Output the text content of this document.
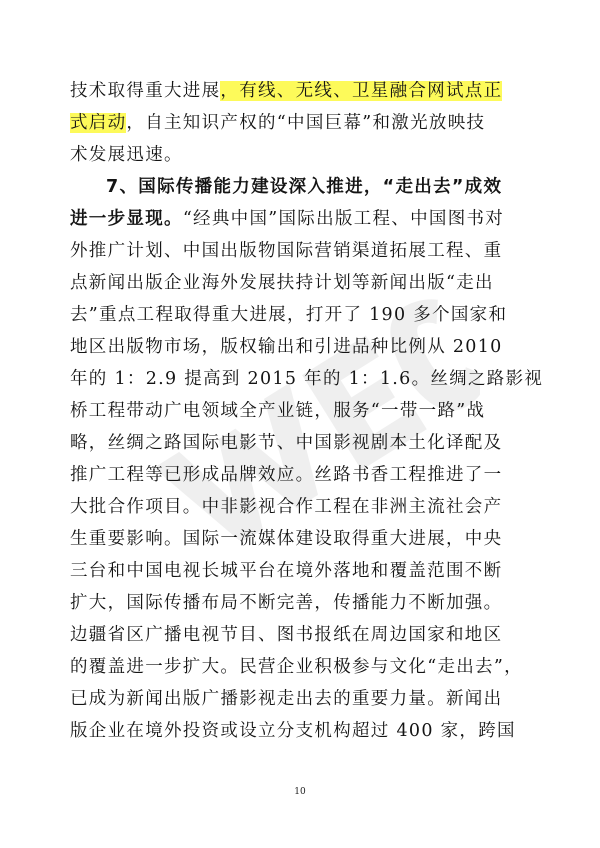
技术取得重大进展，有线、无线、卫星融合网试点正
式启动，自主知识产权的“中国巨幕”和激光放映技
术发展迅速。
7、国际传播能力建设深入推进，“走出去”成效
进一步显现。“经典中国”国际出版工程、中国图书对
外推广计划、中国出版物国际营销渠道拓展工程、重
点新闻出版企业海外发展扶持计划等新闻出版“走出
去”重点工程取得重大进展，打开了 190 多个国家和
地区出版物市场，版权输出和引进品种比例从 2010
年的 1：2.9 提高到 2015 年的 1：1.6。丝绸之路影视
桥工程带动广电领域全产业链，服务“一带一路”战
略，丝绸之路国际电影节、中国影视剧本土化译配及
推广工程等已形成品牌效应。丝路书香工程推进了一
大批合作项目。中非影视合作工程在非洲主流社会产
生重要影响。国际一流媒体建设取得重大进展，中央
三台和中国电视长城平台在境外落地和覆盖范围不断
扩大，国际传播布局不断完善，传播能力不断加强。
边疆省区广播电视节目、图书报纸在周边国家和地区
的覆盖进一步扩大。民营企业积极参与文化“走出去”，
已成为新闻出版广播影视走出去的重要力量。新闻出
版企业在境外投资或设立分支机构超过 400 家，跨国
10
